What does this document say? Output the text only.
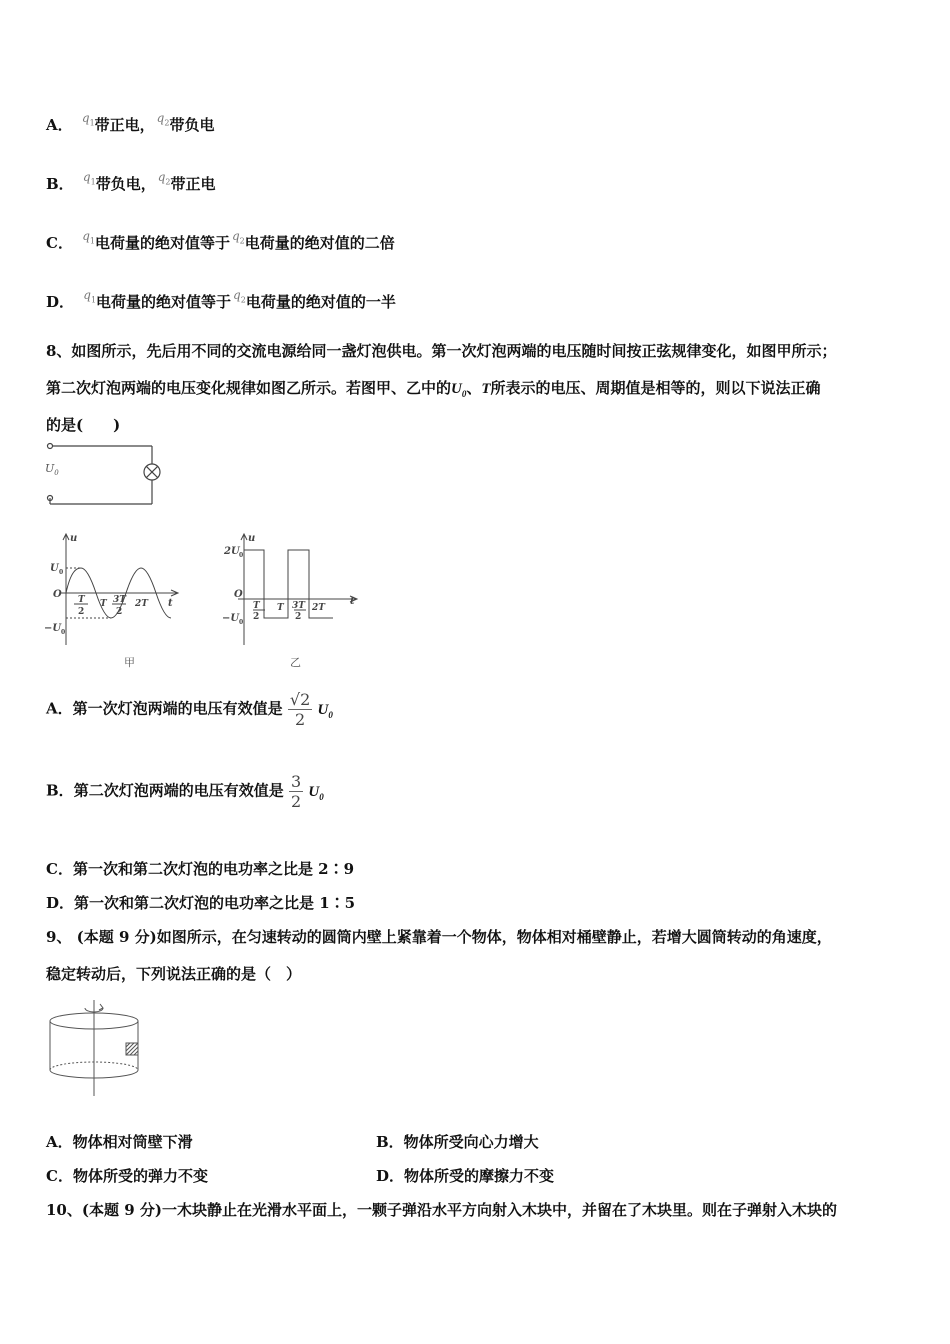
A． $^{q_1}$带正电， $^{q_2}$带负电
B． $^{q_1}$带负电， $^{q_2}$带正电
C． $^{q_1}$电荷量的绝对值等于 $^{q_2}$电荷量的绝对值的二倍
D． $^{q_1}$电荷量的绝对值等于 $^{q_2}$电荷量的绝对值的一半
8、如图所示，先后用不同的交流电源给同一盏灯泡供电。第一次灯泡两端的电压随时间按正弦规律变化，如图甲所示；
第二次灯泡两端的电压变化规律如图乙所示。若图甲、乙中的$U_0$、T所表示的电压、周期值是相等的，则以下说法正确
的是(　　)
$U_0$
u
t
O
U 0
−U 0
T
2
T 3T
2
2T
甲
u
t
O
2U 0
−U 0
T
2
T 3T
2
2T
乙
A．第一次灯泡两端的电压有效值是 $\frac{√2}{2} U_0$
B．第二次灯泡两端的电压有效值是 $\frac{3}{2} U_0$
C．第一次和第二次灯泡的电功率之比是 2∶9
D．第一次和第二次灯泡的电功率之比是 1∶5
9、 (本题 9 分)如图所示，在匀速转动的圆筒内壁上紧靠着一个物体，物体相对桶壁静止，若增大圆筒转动的角速度，
稳定转动后，下列说法正确的是（　）
A．物体相对筒壁下滑	B．物体所受向心力增大
C．物体所受的弹力不变	D．物体所受的摩擦力不变
10、(本题 9 分)一木块静止在光滑水平面上，一颗子弹沿水平方向射入木块中，并留在了木块里。则在子弹射入木块的
